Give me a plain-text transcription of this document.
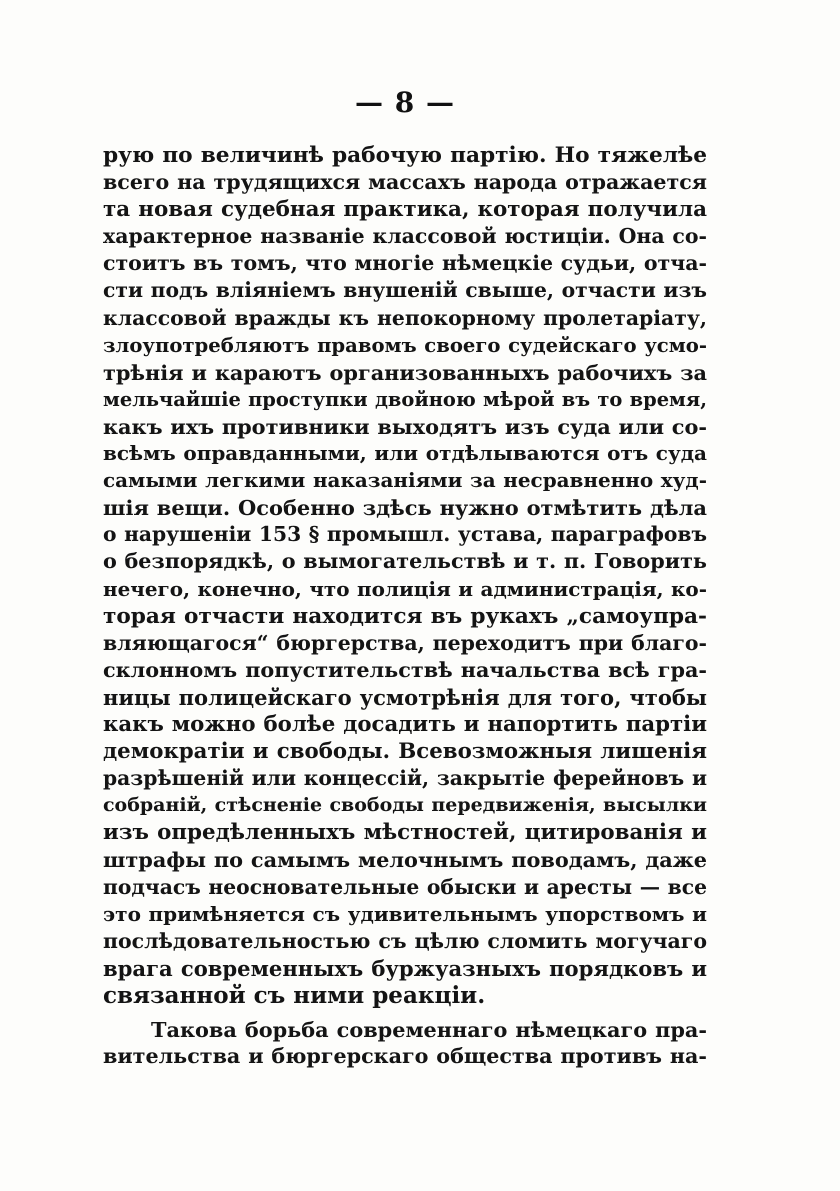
— 8 —
рую по величинѣ рабочую партію. Но тяжелѣе
всего на трудящихся массахъ народа отражается
та новая судебная практика, которая получила
характерное названіе классовой юстиціи. Она со-
стоитъ въ томъ, что многіе нѣмецкіе судьи, отча-
сти подъ вліяніемъ внушеній свыше, отчасти изъ
классовой вражды къ непокорному пролетаріату,
злоупотребляютъ правомъ своего судейскаго усмо-
трѣнія и караютъ организованныхъ рабочихъ за
мельчайшіе проступки двойною мѣрой въ то время,
какъ ихъ противники выходятъ изъ суда или со-
всѣмъ оправданными, или отдѣлываются отъ суда
самыми легкими наказаніями за несравненно худ-
шія вещи. Особенно здѣсь нужно отмѣтить дѣла
о нарушеніи 153 § промышл. устава, параграфовъ
о безпорядкѣ, о вымогательствѣ и т. п. Говорить
нечего, конечно, что полиція и администрація, ко-
торая отчасти находится въ рукахъ „самоупра-
вляющагося“ бюргерства, переходитъ при благо-
склонномъ попустительствѣ начальства всѣ гра-
ницы полицейскаго усмотрѣнія для того, чтобы
какъ можно болѣе досадить и напортить партіи
демократіи и свободы. Всевозможныя лишенія
разрѣшеній или концессій, закрытіе ферейновъ и
собраній, стѣсненіе свободы передвиженія, высылки
изъ опредѣленныхъ мѣстностей, цитированія и
штрафы по самымъ мелочнымъ поводамъ, даже
подчасъ неосновательные обыски и аресты — все
это примѣняется съ удивительнымъ упорствомъ и
послѣдовательностью съ цѣлю сломить могучаго
врага современныхъ буржуазныхъ порядковъ и
связанной съ ними реакціи.
Такова борьба современнаго нѣмецкаго пра-
вительства и бюргерскаго общества противъ на-
